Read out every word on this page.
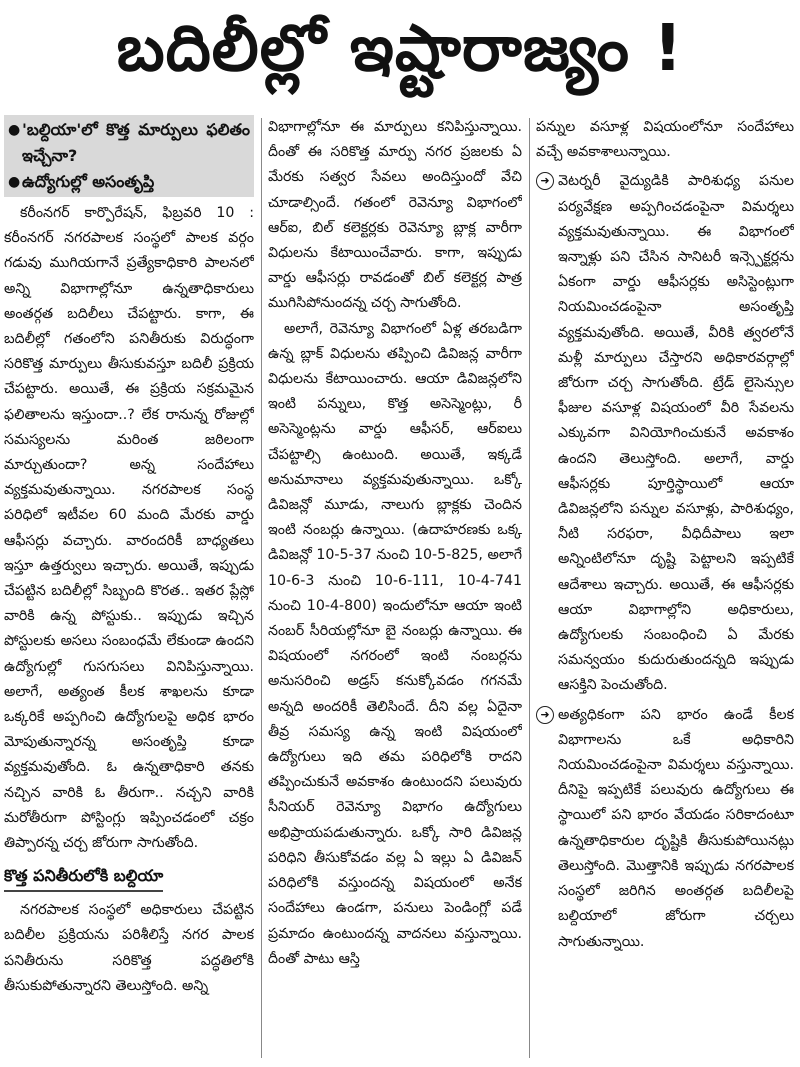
బదిలీల్లో ఇష్టారాజ్యం !
● 'బల్దియా'లో కొత్త మార్పులు ఫలితం ఇచ్చేనా?
● ఉద్యోగుల్లో అసంతృప్తి

కరీంనగర్ కార్పొరేషన్, ఫిబ్రవరి 10 : కరీంనగర్ నగరపాలక సంస్థలో పాలక వర్గం గడువు ముగియగానే ప్రత్యేకాధికారి పాలనలో అన్ని విభాగాల్లోనూ ఉన్నతాధికారులు అంతర్గత బదిలీలు చేపట్టారు. కాగా, ఈ బదిలీల్లో గతంలోని పనితీరుకు విరుద్ధంగా సరికొత్త మార్పులు తీసుకువస్తూ బదిలీ ప్రక్రియ చేపట్టారు. అయితే, ఈ ప్రక్రియ సక్రమమైన ఫలితాలను ఇస్తుందా..? లేక రానున్న రోజుల్లో సమస్యలను మరింత జఠిలంగా మార్చుతుందా? అన్న సందేహాలు వ్యక్తమవుతున్నాయి. నగరపాలక సంస్థ పరిధిలో ఇటీవల 60 మంది మేరకు వార్డు ఆఫీసర్లు వచ్చారు. వారందరికీ బాధ్యతలు ఇస్తూ ఉత్తర్వులు ఇచ్చారు. అయితే, ఇప్పుడు చేపట్టిన బదిలీల్లో సిబ్బంది కొరత.. ఇతర ప్లేస్లో వారికి ఉన్న పోస్టుకు.. ఇప్పుడు ఇచ్చిన పోస్టులకు అసలు సంబంధమే లేకుండా ఉందని ఉద్యోగుల్లో గుసగుసలు వినిపిస్తున్నాయి. అలాగే, అత్యంత కీలక శాఖలను కూడా ఒక్కరికే అప్పగించి ఉద్యోగులపై అధిక భారం మోపుతున్నారన్న అసంతృప్తి కూడా వ్యక్తమవుతోంది. ఓ ఉన్నతాధికారి తనకు నచ్చిన వారికి ఓ తీరుగా.. నచ్చని వారికి మరోతీరుగా పోస్టింగ్లు ఇప్పించడంలో చక్రం తిప్పారన్న చర్చ జోరుగా సాగుతోంది.

కొత్త పనితీరులోకి బల్దియా

నగరపాలక సంస్థలో అధికారులు చేపట్టిన బదిలీల ప్రక్రియను పరిశీలిస్తే నగర పాలక పనితీరును సరికొత్త పద్ధతిలోకి తీసుకుపోతున్నారని తెలుస్తోంది. అన్ని

విభాగాల్లోనూ ఈ మార్పులు కనిపిస్తున్నాయి. దీంతో ఈ సరికొత్త మార్పు నగర ప్రజలకు ఏ మేరకు సత్వర సేవలు అందిస్తుందో వేచి చూడాల్సిందే. గతంలో రెవెన్యూ విభాగంలో ఆర్ఐ, బిల్ కలెక్టర్లకు రెవెన్యూ బ్లాక్ల వారీగా విధులను కేటాయించేవారు. కాగా, ఇప్పుడు వార్డు ఆఫీసర్లు రావడంతో బిల్ కలెక్టర్ల పాత్ర ముగిసిపోనుందన్న చర్చ సాగుతోంది.

అలాగే, రెవెన్యూ విభాగంలో ఏళ్ల తరబడిగా ఉన్న బ్లాక్ విధులను తప్పించి డివిజన్ల వారీగా విధులను కేటాయించారు. ఆయా డివిజన్లలోని ఇంటి పన్నులు, కొత్త అసెస్మెంట్లు, రీ అసెస్మెంట్లను వార్డు ఆఫీసర్, ఆర్ఐలు చేపట్టాల్సి ఉంటుంది. అయితే, ఇక్కడే అనుమానాలు వ్యక్తమవుతున్నాయి. ఒక్కో డివిజన్లో మూడు, నాలుగు బ్లాక్లకు చెందిన ఇంటి నంబర్లు ఉన్నాయి. (ఉదాహరణకు ఒక్క డివిజన్లో 10-5-37 నుంచి 10-5-825, అలాగే 10-6-3 నుంచి 10-6-111, 10-4-741 నుంచి 10-4-800) ఇందులోనూ ఆయా ఇంటి నంబర్ సీరియల్లోనూ బై నంబర్లు ఉన్నాయి. ఈ విషయంలో నగరంలో ఇంటి నంబర్లను అనుసరించి అడ్రస్ కనుక్కోవడం గగనమే అన్నది అందరికీ తెలిసిందే. దీని వల్ల ఏదైనా తీవ్ర సమస్య ఉన్న ఇంటి విషయంలో ఉద్యోగులు ఇది తమ పరిధిలోకి రాదని తప్పించుకునే అవకాశం ఉంటుందని పలువురు సీనియర్ రెవెన్యూ విభాగం ఉద్యోగులు అభిప్రాయపడుతున్నారు. ఒక్కో సారి డివిజన్ల పరిధిని తీసుకోవడం వల్ల ఏ ఇల్లు ఏ డివిజన్ పరిధిలోకి వస్తుందన్న విషయంలో అనేక సందేహాలు ఉండగా, పనులు పెండింగ్లో పడే ప్రమాదం ఉంటుందన్న వాదనలు వస్తున్నాయి. దీంతో పాటు ఆస్తి

పన్నుల వసూళ్ల విషయంలోనూ సందేహాలు వచ్చే అవకాశాలున్నాయి.

➜ వెటర్నరీ వైద్యుడికి పారిశుధ్య పనుల పర్యవేక్షణ అప్పగించడంపైనా విమర్శలు వ్యక్తమవుతున్నాయి. ఈ విభాగంలో ఇన్నాళ్లు పని చేసిన సానిటరీ ఇన్స్పెక్టర్లను ఏకంగా వార్డు ఆఫీసర్లకు అసిస్టెంట్లుగా నియమించడంపైనా అసంతృప్తి వ్యక్తమవుతోంది. అయితే, వీరికి త్వరలోనే మళ్లీ మార్పులు చేస్తారని అధికారవర్గాల్లో జోరుగా చర్చ సాగుతోంది. ట్రేడ్ లైసెన్సుల ఫీజుల వసూళ్ల విషయంలో వీరి సేవలను ఎక్కువగా వినియోగించుకునే అవకాశం ఉందని తెలుస్తోంది. అలాగే, వార్డు ఆఫీసర్లకు పూర్తిస్థాయిలో ఆయా డివిజన్లలోని పన్నుల వసూళ్లు, పారిశుధ్యం, నీటి సరఫరా, వీధిదీపాలు ఇలా అన్నింటిలోనూ దృష్టి పెట్టాలని ఇప్పటికే ఆదేశాలు ఇచ్చారు. అయితే, ఈ ఆఫీసర్లకు ఆయా విభాగాల్లోని అధికారులు, ఉద్యోగులకు సంబంధించి ఏ మేరకు సమన్వయం కుదురుతుందన్నది ఇప్పుడు ఆసక్తిని పెంచుతోంది.
➜ అత్యధికంగా పని భారం ఉండే కీలక విభాగాలను ఒకే అధికారిని నియమించడంపైనా విమర్శలు వస్తున్నాయి. దీనిపై ఇప్పటికే పలువురు ఉద్యోగులు ఈ స్థాయిలో పని భారం వేయడం సరికాదంటూ ఉన్నతాధికారుల దృష్టికి తీసుకుపోయినట్లు తెలుస్తోంది. మొత్తానికి ఇప్పుడు నగరపాలక సంస్థలో జరిగిన అంతర్గత బదిలీలపై బల్దియాలో జోరుగా చర్చలు సాగుతున్నాయి.
